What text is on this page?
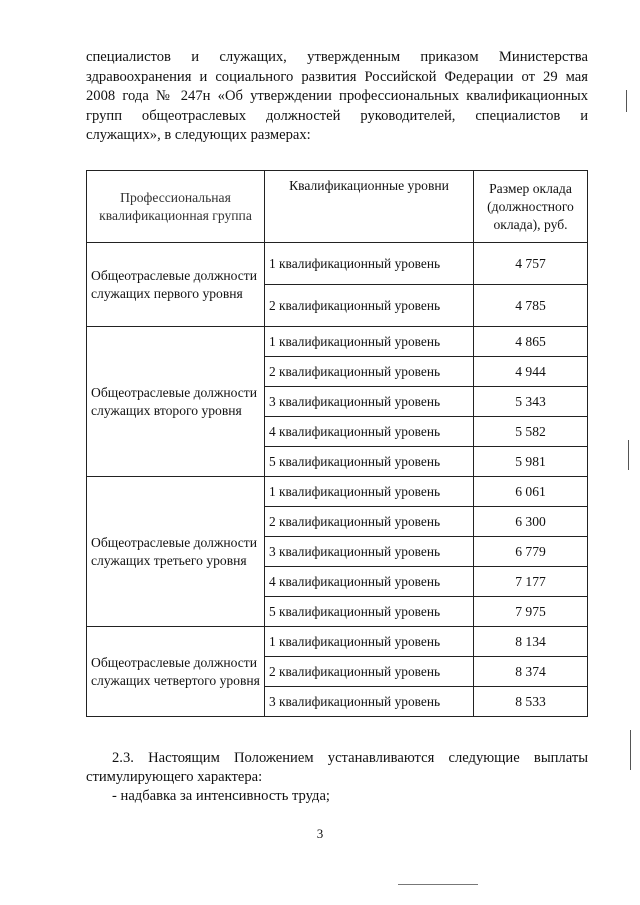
специалистов и служащих, утвержденным приказом Министерства

здравоохранения и социального развития Российской Федерации от 29 мая

2008 года № 247н «Об утверждении профессиональных квалификационных

групп общеотраслевых должностей руководителей, специалистов и

служащих», в следующих размерах:

Профессиональная квалификационная группа	Квалификационные уровни	Размер оклада (должностного оклада), руб.
Общеотраслевые должности служащих первого уровня	1 квалификационный уровень	4 757
	2 квалификационный уровень	4 785
Общеотраслевые должности служащих второго уровня	1 квалификационный уровень	4 865
	2 квалификационный уровень	4 944
	3 квалификационный уровень	5 343
	4 квалификационный уровень	5 582
	5 квалификационный уровень	5 981
Общеотраслевые должности служащих третьего уровня	1 квалификационный уровень	6 061
	2 квалификационный уровень	6 300
	3 квалификационный уровень	6 779
	4 квалификационный уровень	7 177
	5 квалификационный уровень	7 975
Общеотраслевые должности служащих четвертого уровня	1 квалификационный уровень	8 134
	2 квалификационный уровень	8 374
	3 квалификационный уровень	8 533

2.3. Настоящим Положением устанавливаются следующие выплаты стимулирующего характера:

- надбавка за интенсивность труда;

3
